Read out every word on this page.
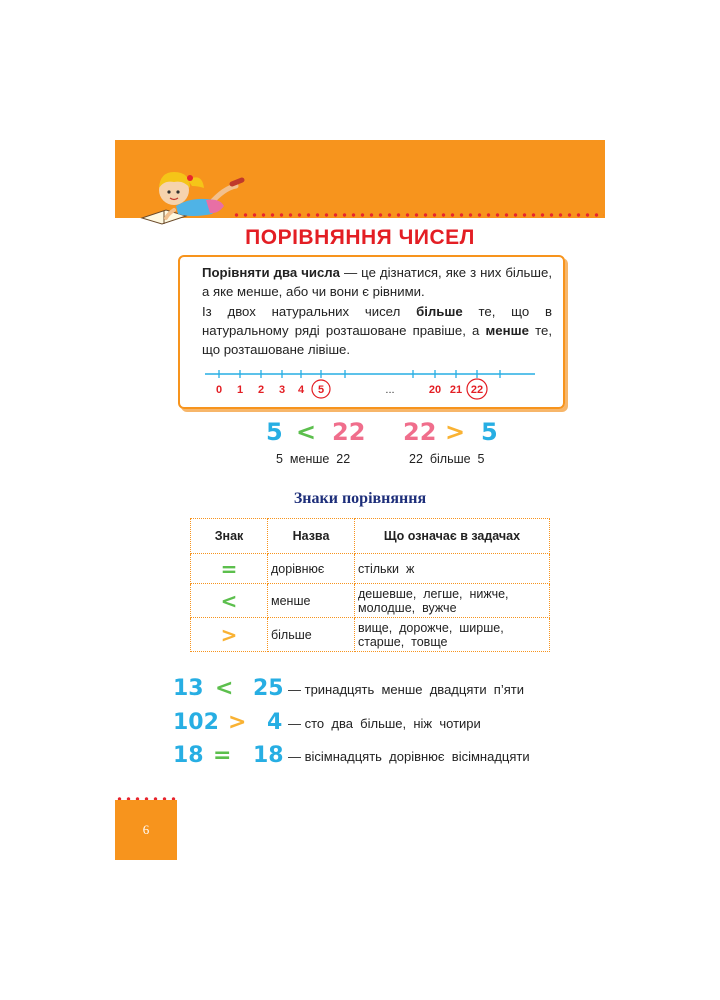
ПОРІВНЯННЯ ЧИСЕЛ

Порівняти два числа — це дізнатися, яке з них більше, а яке менше, або чи вони є рівними.

Із двох натуральних чисел більше те, що в натуральному ряді розташоване правіше, а менше те, що розташоване лівіше.

0 1 2 3 4 5	...	20 21 22
5 < 22
5  менше  22
22 > 5
22  більше  5
Знаки порівняння
Знак	Назва	Що означає в задачах
=	дорівнює	стільки  ж
<	менше	дешевше,  легше,  нижче, молодше,  вужче
>	більше	вище,  дорожче,  ширше, старше,  товще
13 < 25 — тринадцять  менше  двадцяти  п’яти
102 > 4 — сто  два  більше,  ніж  чотири
18 = 18 — вісімнадцять  дорівнює  вісімнадцяти
6
